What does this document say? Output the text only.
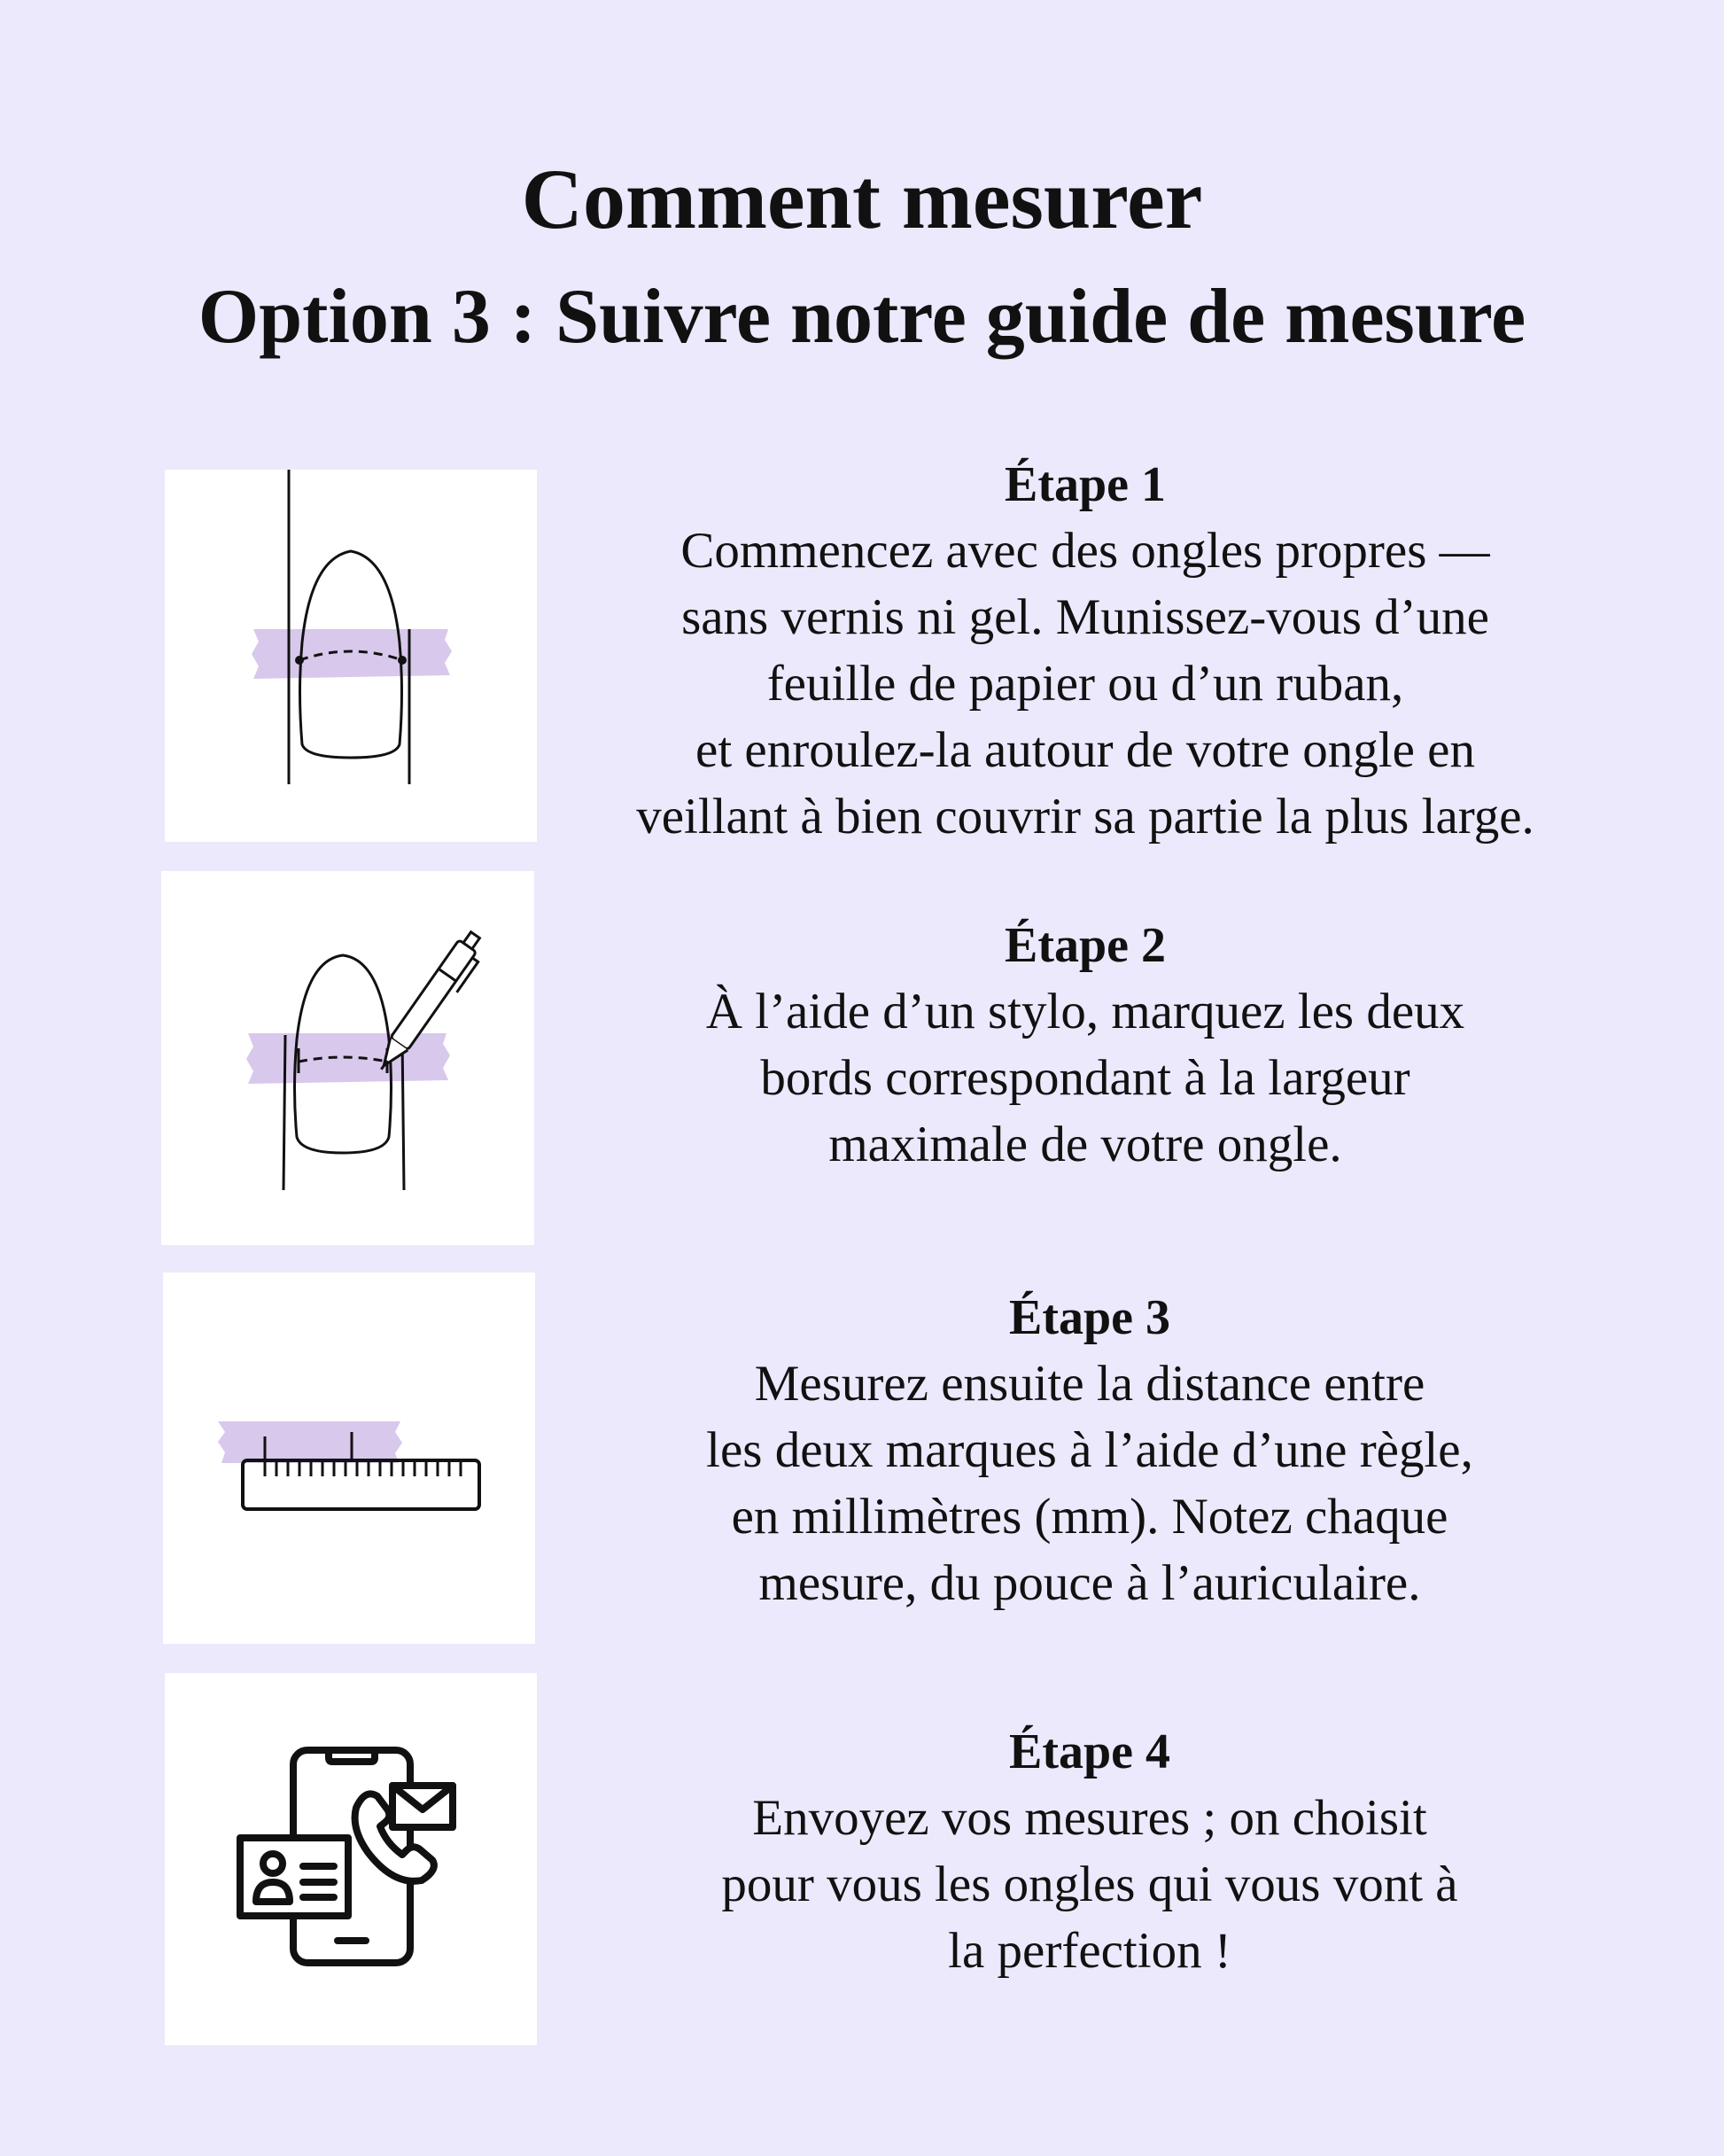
Comment mesurer
Option 3 : Suivre notre guide de mesure
Étape 1
Commencez avec des ongles propres —
sans vernis ni gel. Munissez-vous d’une
feuille de papier ou d’un ruban,
et enroulez-la autour de votre ongle en
veillant à bien couvrir sa partie la plus large.
Étape 2
À l’aide d’un stylo, marquez les deux
bords correspondant à la largeur
maximale de votre ongle.
Étape 3
Mesurez ensuite la distance entre
les deux marques à l’aide d’une règle,
en millimètres (mm). Notez chaque
mesure, du pouce à l’auriculaire.
Étape 4
Envoyez vos mesures ; on choisit
pour vous les ongles qui vous vont à
la perfection !
